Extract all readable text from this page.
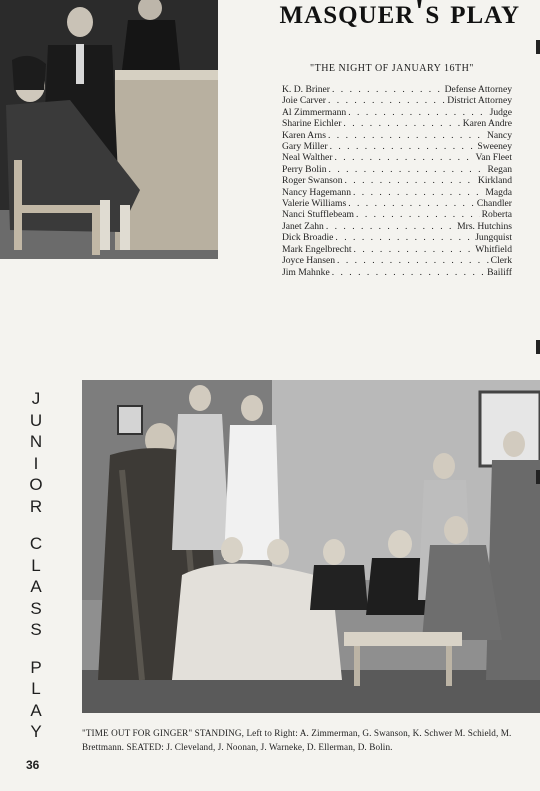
masquer's play
"THE NIGHT OF JANUARY 16TH"
K. D. Briner . . .	Defense Attorney
Joie Carver . . .	District Attorney
Al Zimmermann . . .	Judge
Sharine Eichler . . .	Karen Andre
Karen Arns . . .	Nancy
Gary Miller . . .	Sweeney
Neal Walther . . .	Van Fleet
Perry Bolin . . .	Regan
Roger Swanson . . .	Kirkland
Nancy Hagemann . . .	Magda
Valerie Williams . . .	Chandler
Nanci Stufflebeam . . .	Roberta
Janet Zahn . . .	Mrs. Hutchins
Dick Broadie . . .	Jungquist
Mark Engelbrecht . . .	Whitfield
Joyce Hansen . . .	Clerk
Jim Mahnke . . .	Bailiff
J
U
N
I
O
R
C
L
A
S
S
P
L
A
Y	"TIME OUT FOR GINGER" STANDING, Left to Right: A. Zimmerman, G. Swanson, K. Schwer M. Schield, M. Brettmann. SEATED: J. Cleveland, J. Noonan, J. Warneke, D. Ellerman, D. Bolin.
36
